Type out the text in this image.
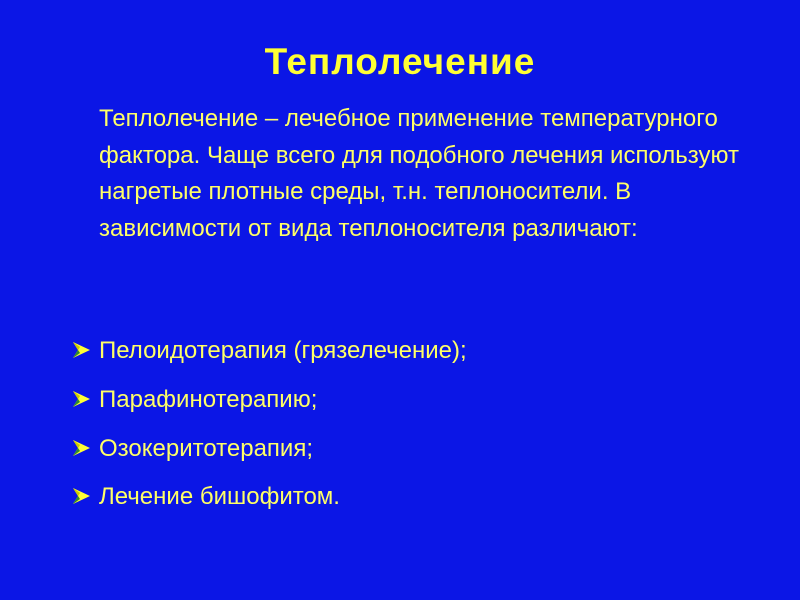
Теплолечение
Теплолечение – лечебное применение температурного фактора. Чаще всего для подобного лечения используют нагретые плотные среды, т.н. теплоносители. В зависимости от вида теплоносителя различают:
Пелоидотерапия (грязелечение);
Парафинотерапию;
Озокеритотерапия;
Лечение бишофитом.
